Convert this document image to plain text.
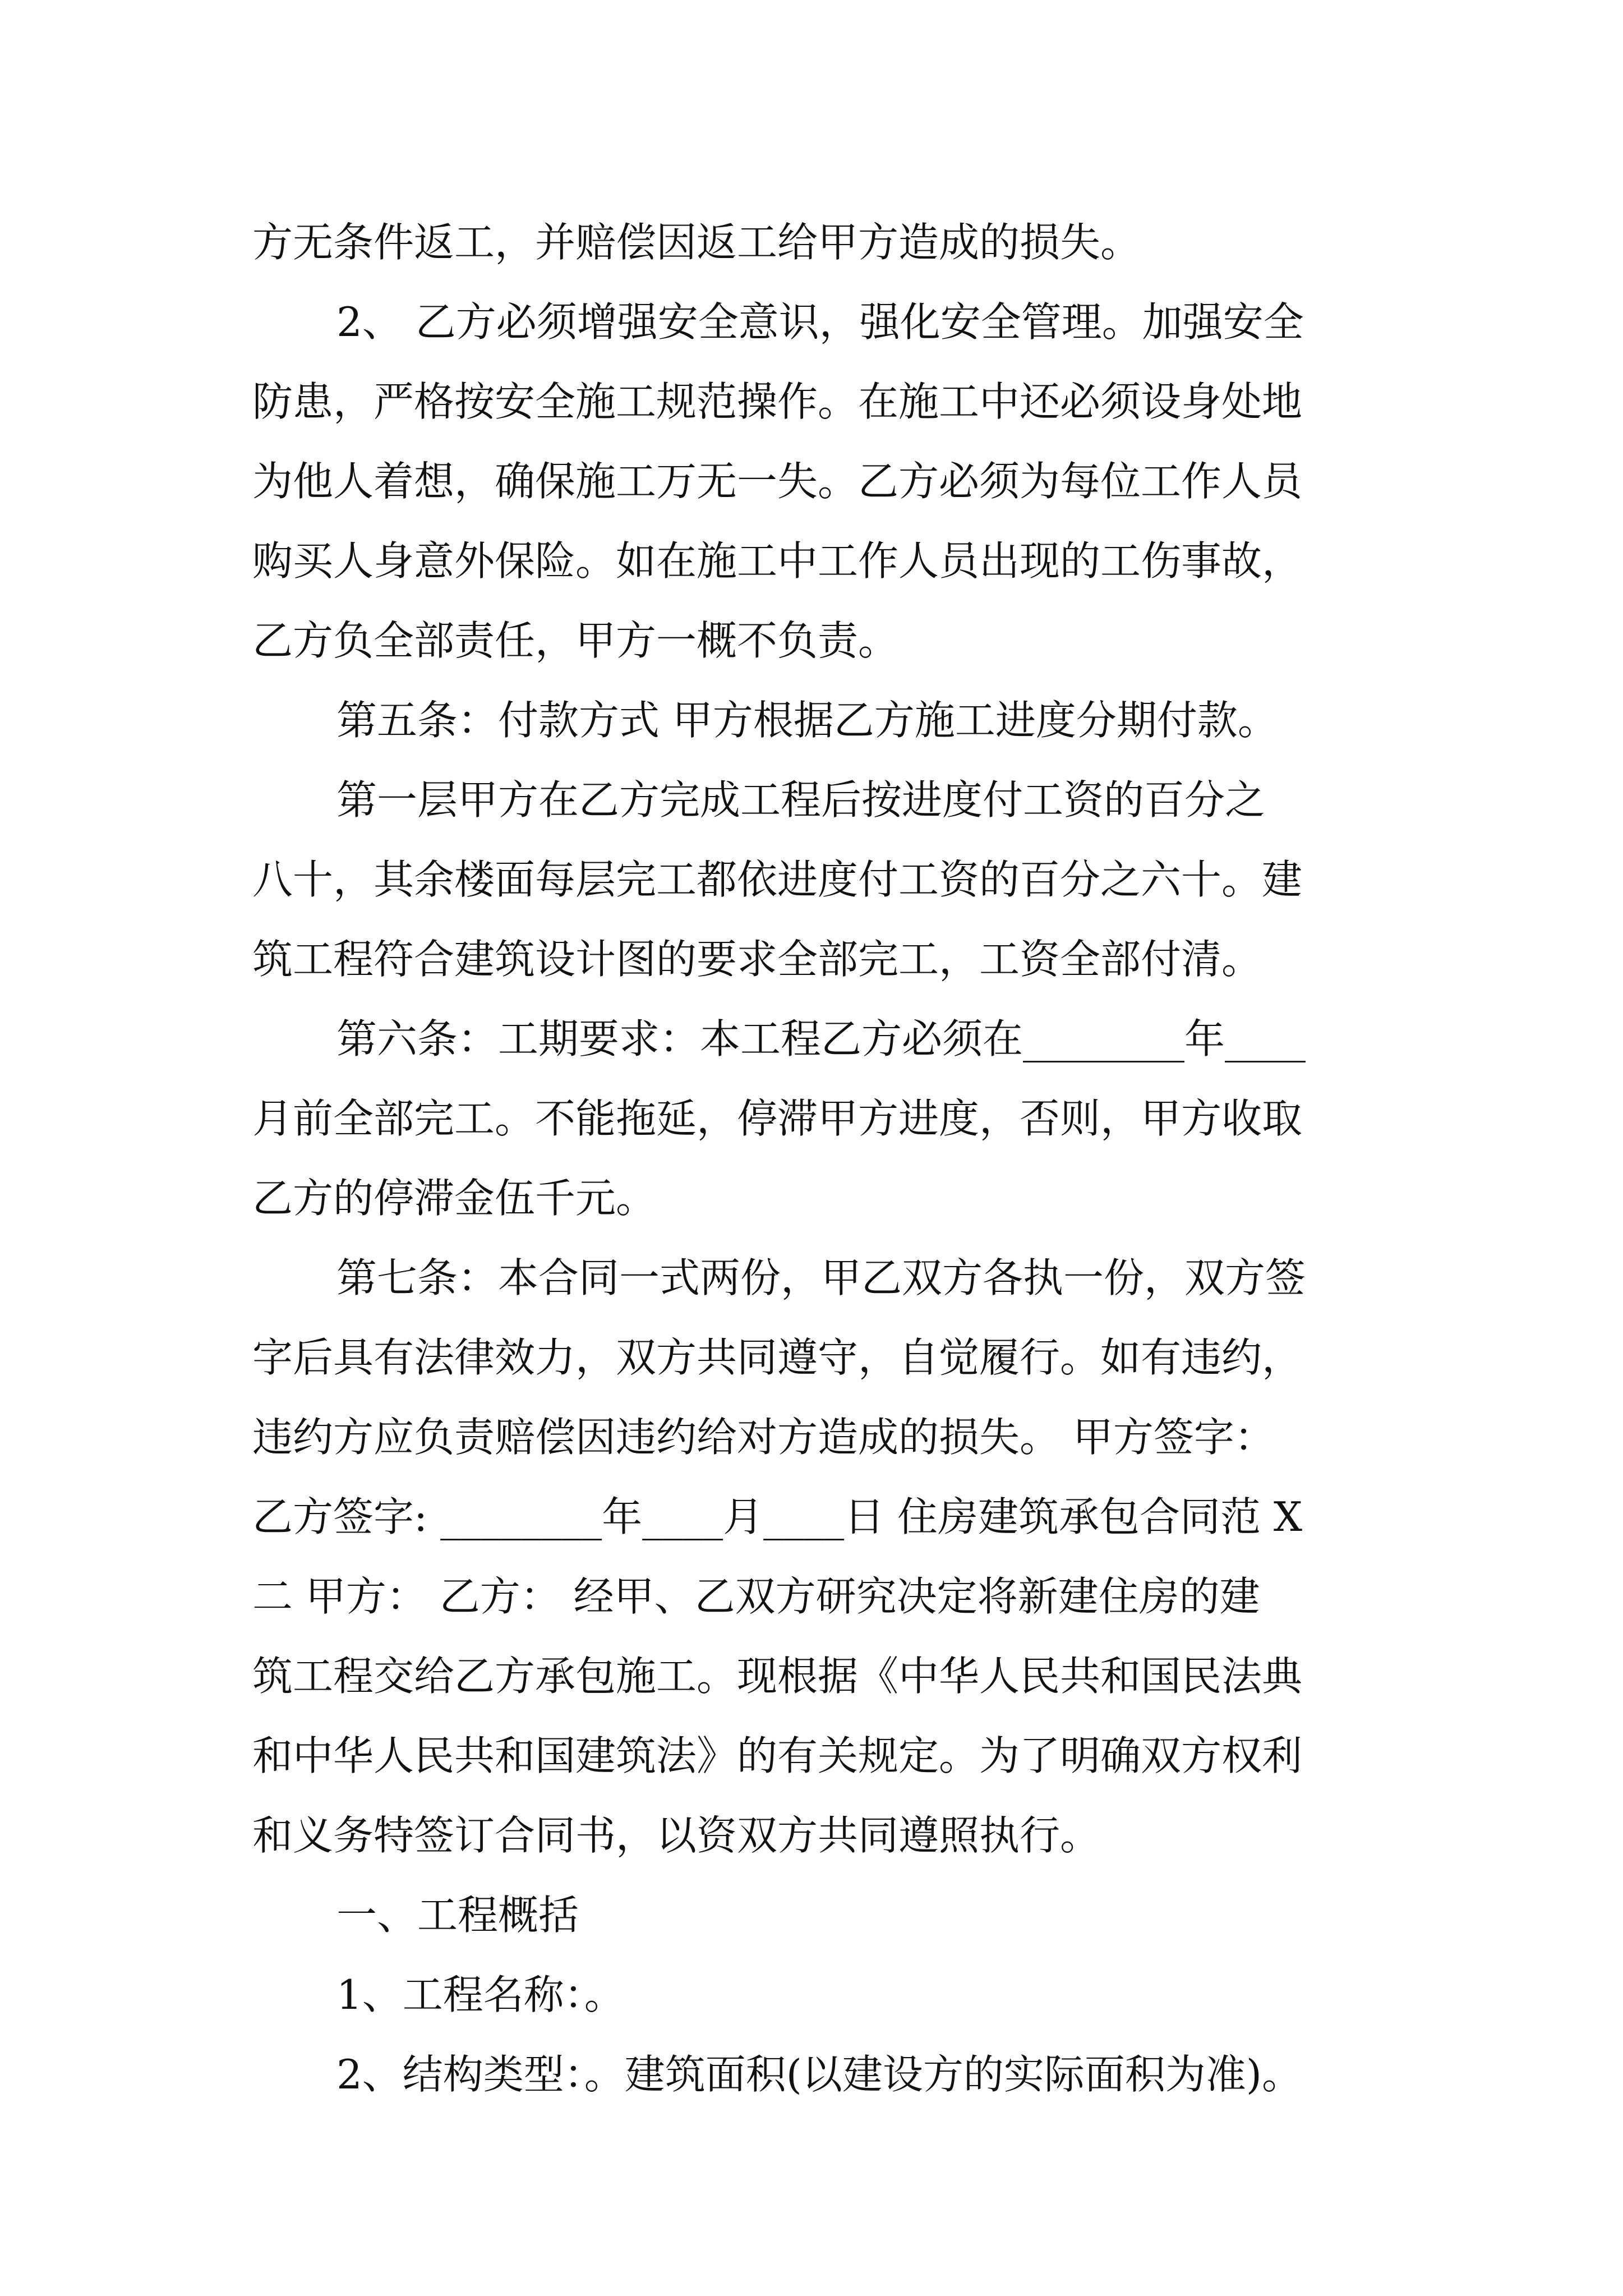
方无条件返工，并赔偿因返工给甲方造成的损失。
2、 乙方必须增强安全意识，强化安全管理。加强安全
防患，严格按安全施工规范操作。在施工中还必须设身处地
为他人着想，确保施工万无一失。乙方必须为每位工作人员
购买人身意外保险。如在施工中工作人员出现的工伤事故，
乙方负全部责任，甲方一概不负责。
第五条：付款方式 甲方根据乙方施工进度分期付款。
第一层甲方在乙方完成工程后按进度付工资的百分之
八十，其余楼面每层完工都依进度付工资的百分之六十。建
筑工程符合建筑设计图的要求全部完工，工资全部付清。
第六条：工期要求：本工程乙方必须在________年____
月前全部完工。不能拖延，停滞甲方进度，否则，甲方收取
乙方的停滞金伍千元。
第七条：本合同一式两份，甲乙双方各执一份，双方签
字后具有法律效力，双方共同遵守，自觉履行。如有违约，
违约方应负责赔偿因违约给对方造成的损失。 甲方签字：
乙方签字: ________年____月____日 住房建筑承包合同范 X
二 甲方： 乙方： 经甲、乙双方研究决定将新建住房的建
筑工程交给乙方承包施工。现根据《中华人民共和国民法典
和中华人民共和国建筑法》的有关规定。为了明确双方权利
和义务特签订合同书，以资双方共同遵照执行。
一、工程概括
1、工程名称：。
2、结构类型：。建筑面积(以建设方的实际面积为准)。
